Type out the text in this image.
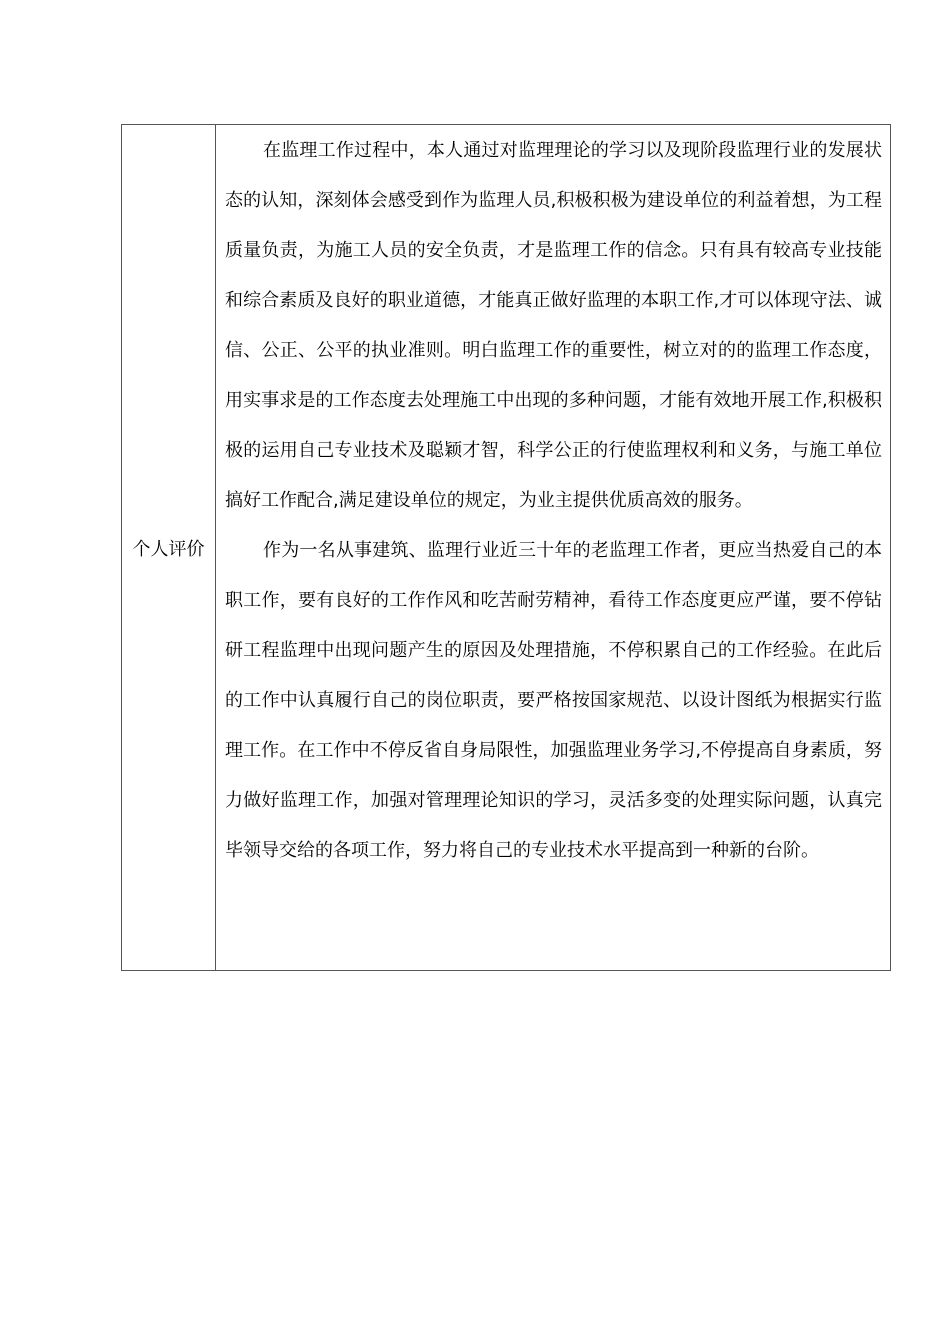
个人评价

在监理工作过程中，本人通过对监理理论的学习以及现阶段监理行业的发展状态的认知，深刻体会感受到作为监理人员,积极积极为建设单位的利益着想，为工程质量负责，为施工人员的安全负责，才是监理工作的信念。只有具有较高专业技能和综合素质及良好的职业道德，才能真正做好监理的本职工作,才可以体现守法、诚信、公正、公平的执业准则。明白监理工作的重要性，树立对的的监理工作态度，用实事求是的工作态度去处理施工中出现的多种问题，才能有效地开展工作,积极积极的运用自己专业技术及聪颖才智，科学公正的行使监理权利和义务，与施工单位搞好工作配合,满足建设单位的规定，为业主提供优质高效的服务。

作为一名从事建筑、监理行业近三十年的老监理工作者，更应当热爱自己的本职工作，要有良好的工作作风和吃苦耐劳精神，看待工作态度更应严谨，要不停钻研工程监理中出现问题产生的原因及处理措施，不停积累自己的工作经验。在此后的工作中认真履行自己的岗位职责，要严格按国家规范、以设计图纸为根据实行监理工作。在工作中不停反省自身局限性，加强监理业务学习,不停提高自身素质，努力做好监理工作，加强对管理理论知识的学习，灵活多变的处理实际问题，认真完毕领导交给的各项工作，努力将自己的专业技术水平提高到一种新的台阶。
